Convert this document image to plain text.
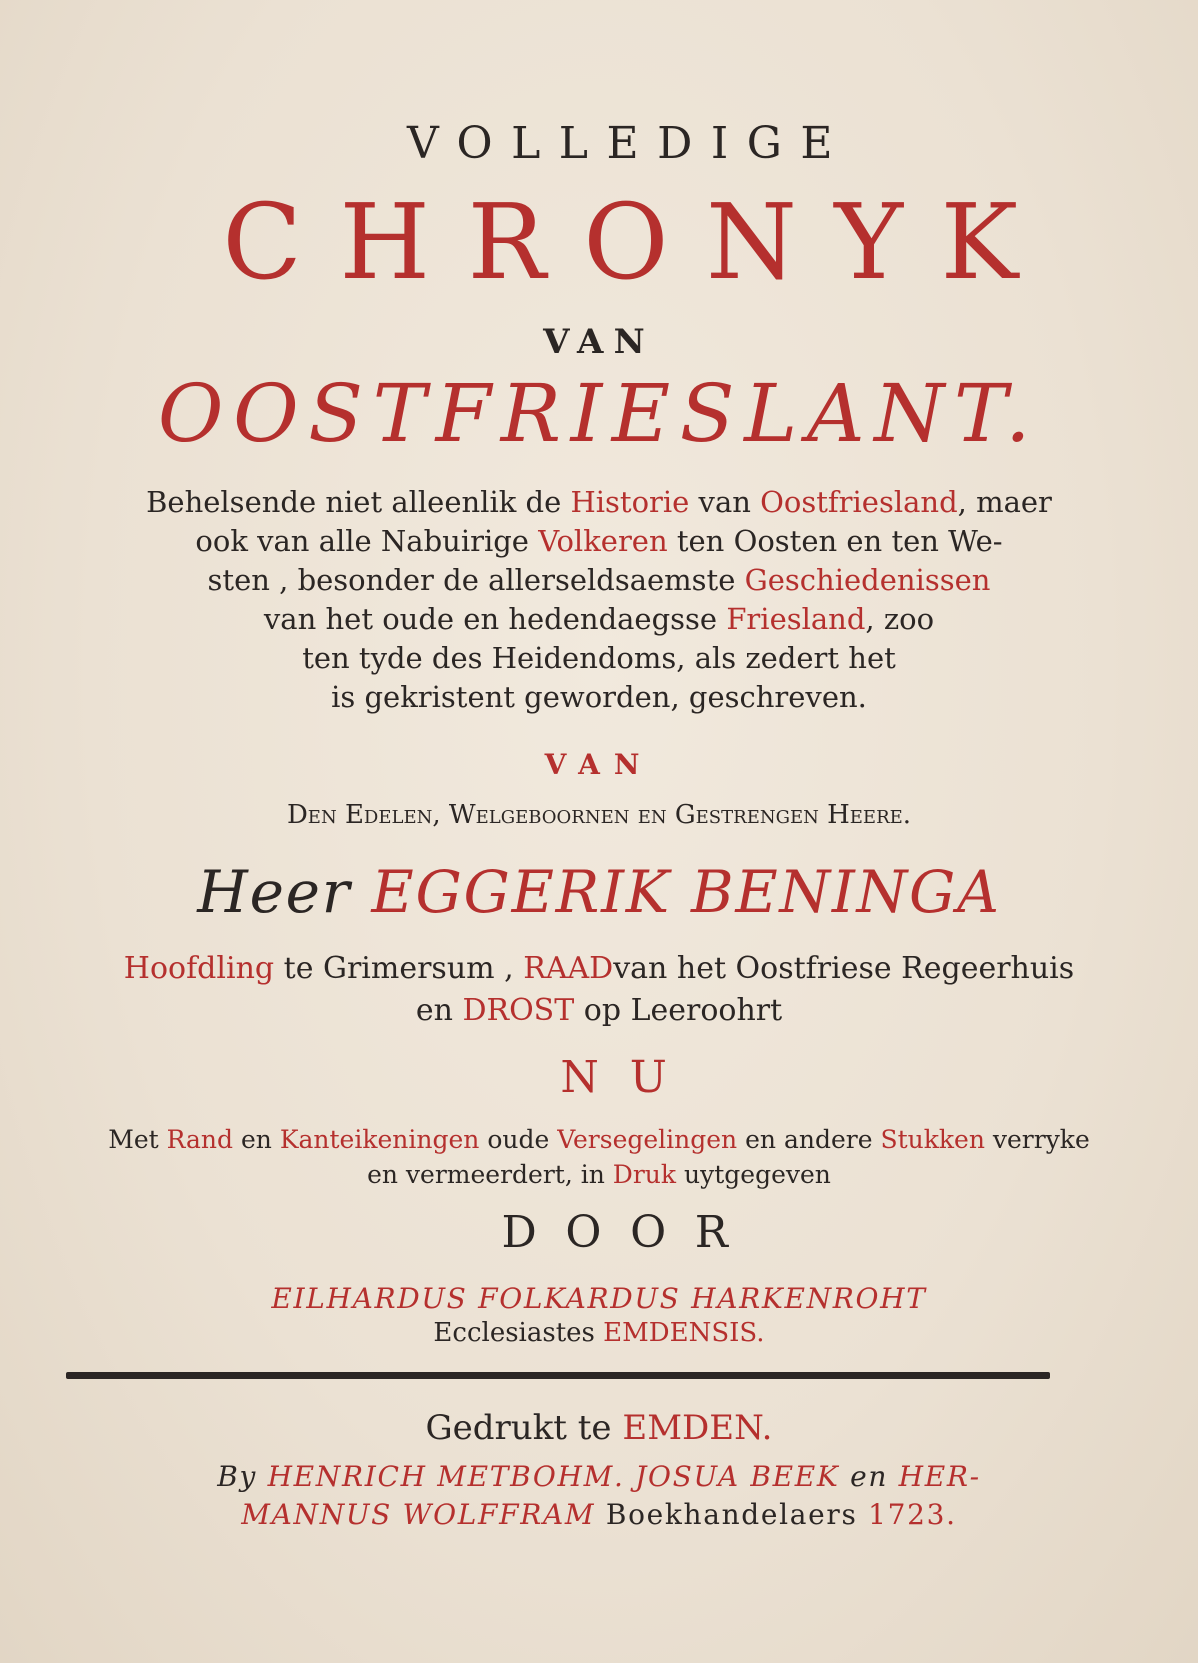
VOLLEDIGE
CHRONYK
VAN
OOSTFRIESLANT.
Behelsende niet alleenlik de Historie van Oostfriesland, maer
ook van alle Nabuirige Volkeren ten Oosten en ten We-
sten , besonder de allerseldsaemste Geschiedenissen
van het oude en hedendaegsse Friesland, zoo
ten tyde des Heidendoms, als zedert het
is gekristent geworden, geschreven.
VAN
Den Edelen, Welgeboornen en Gestrengen Heere.
Heer EGGERIK BENINGA
Hoofdling te Grimersum , RAADvan het Oostfriese Regeerhuis
en DROST op Leeroohrt
NU
Met Rand en Kanteikeningen oude Versegelingen en andere Stukken verryke
en vermeerdert, in Druk uytgegeven
DOOR
EILHARDUS FOLKARDUS HARKENROHT
Ecclesiastes EMDENSIS.
Gedrukt te EMDEN.
By HENRICH METBOHM. JOSUA BEEK en HER-
MANNUS WOLFFRAM Boekhandelaers 1723.
